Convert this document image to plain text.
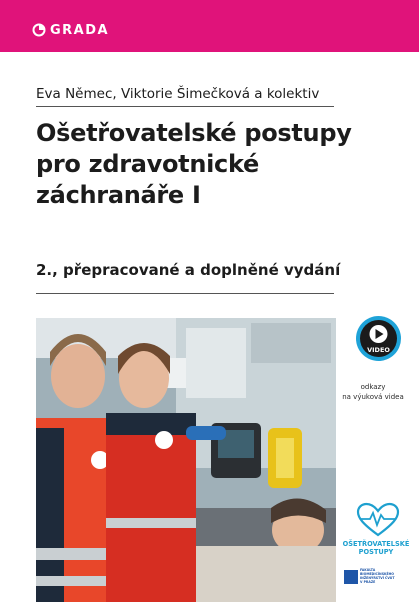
GRADA
Eva Němec, Viktorie Šimečková a kolektiv
Ošetřovatelské postupy
pro zdravotnické
záchranáře I
2., přepracované a doplněné vydání
VIDEO
odkazy
na výuková videa
OŠETŘOVATELSKÉ
POSTUPY
FAKULTA BIOMEDICÍNSKÉHO INŽENÝRSTVÍ ČVUT V PRAZE
